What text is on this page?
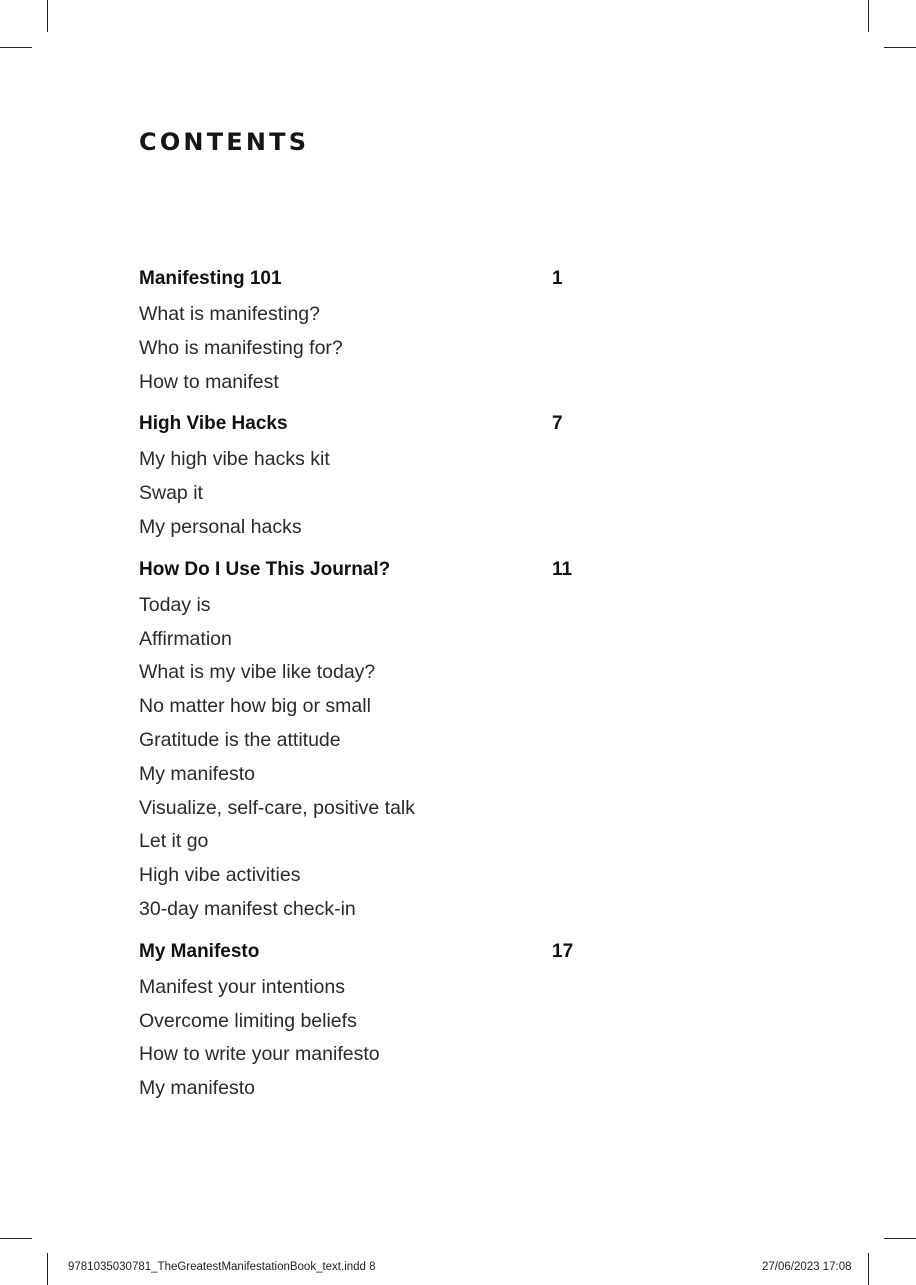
CONTENTS
Manifesting 101	1
What is manifesting?
Who is manifesting for?
How to manifest
High Vibe Hacks	7
My high vibe hacks kit
Swap it
My personal hacks
How Do I Use This Journal?	11
Today is
Affirmation
What is my vibe like today?
No matter how big or small
Gratitude is the attitude
My manifesto
Visualize, self-care, positive talk
Let it go
High vibe activities
30-day manifest check-in
My Manifesto	17
Manifest your intentions
Overcome limiting beliefs
How to write your manifesto
My manifesto
9781035030781_TheGreatestManifestationBook_text.indd 8	27/06/2023 17:08
